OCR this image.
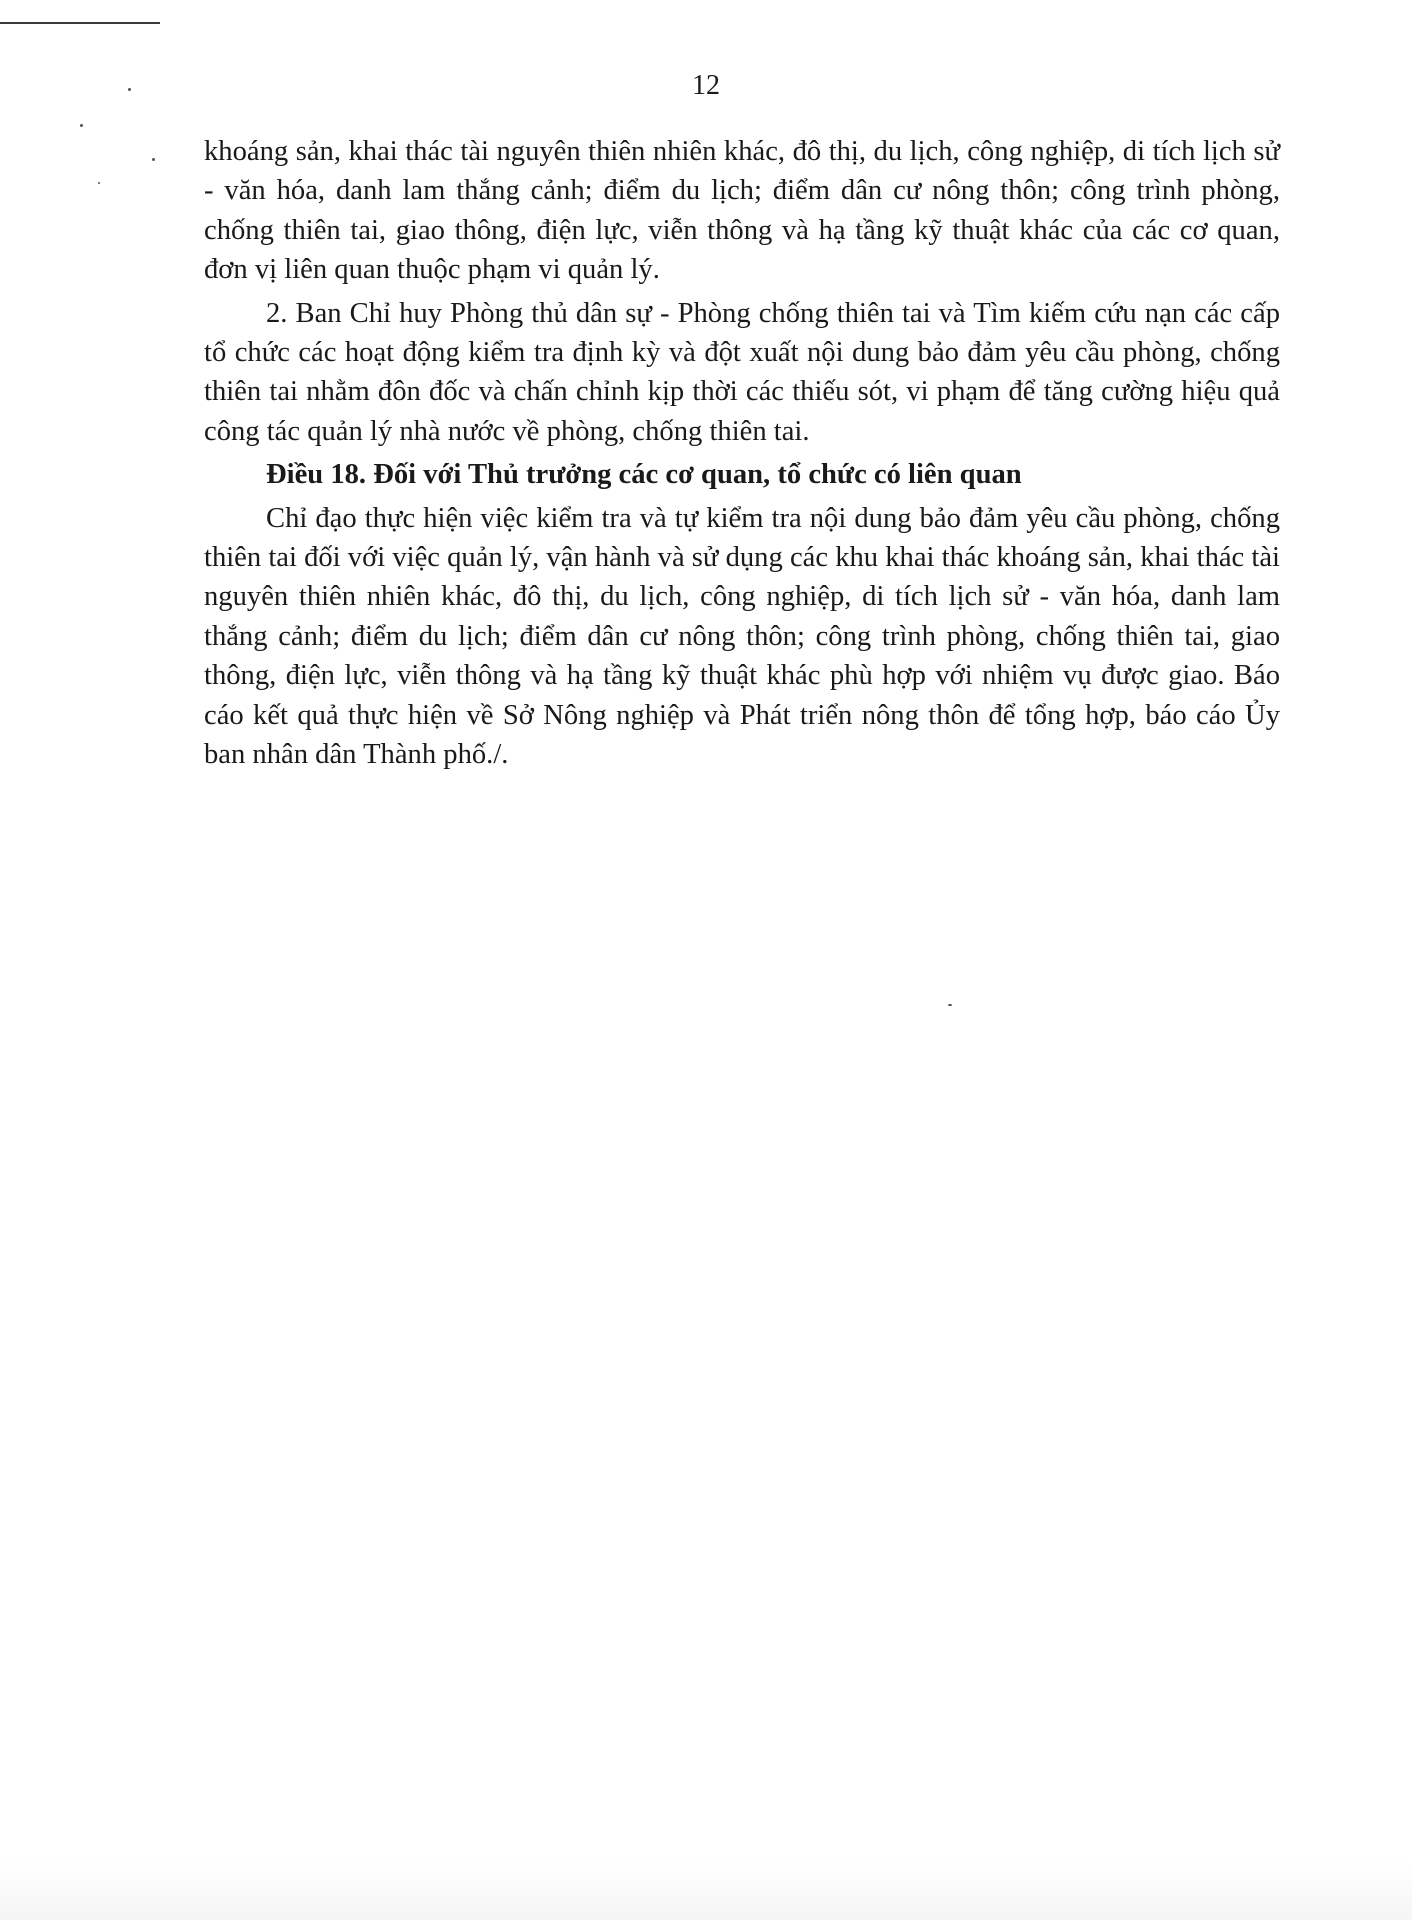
12

khoáng sản, khai thác tài nguyên thiên nhiên khác, đô thị, du lịch, công nghiệp, di tích lịch sử - văn hóa, danh lam thắng cảnh; điểm du lịch; điểm dân cư nông thôn; công trình phòng, chống thiên tai, giao thông, điện lực, viễn thông và hạ tầng kỹ thuật khác của các cơ quan, đơn vị liên quan thuộc phạm vi quản lý.

2. Ban Chỉ huy Phòng thủ dân sự - Phòng chống thiên tai và Tìm kiếm cứu nạn các cấp tổ chức các hoạt động kiểm tra định kỳ và đột xuất nội dung bảo đảm yêu cầu phòng, chống thiên tai nhằm đôn đốc và chấn chỉnh kịp thời các thiếu sót, vi phạm để tăng cường hiệu quả công tác quản lý nhà nước về phòng, chống thiên tai.

Điều 18. Đối với Thủ trưởng các cơ quan, tổ chức có liên quan

Chỉ đạo thực hiện việc kiểm tra và tự kiểm tra nội dung bảo đảm yêu cầu phòng, chống thiên tai đối với việc quản lý, vận hành và sử dụng các khu khai thác khoáng sản, khai thác tài nguyên thiên nhiên khác, đô thị, du lịch, công nghiệp, di tích lịch sử - văn hóa, danh lam thắng cảnh; điểm du lịch; điểm dân cư nông thôn; công trình phòng, chống thiên tai, giao thông, điện lực, viễn thông và hạ tầng kỹ thuật khác phù hợp với nhiệm vụ được giao. Báo cáo kết quả thực hiện về Sở Nông nghiệp và Phát triển nông thôn để tổng hợp, báo cáo Ủy ban nhân dân Thành phố./.
